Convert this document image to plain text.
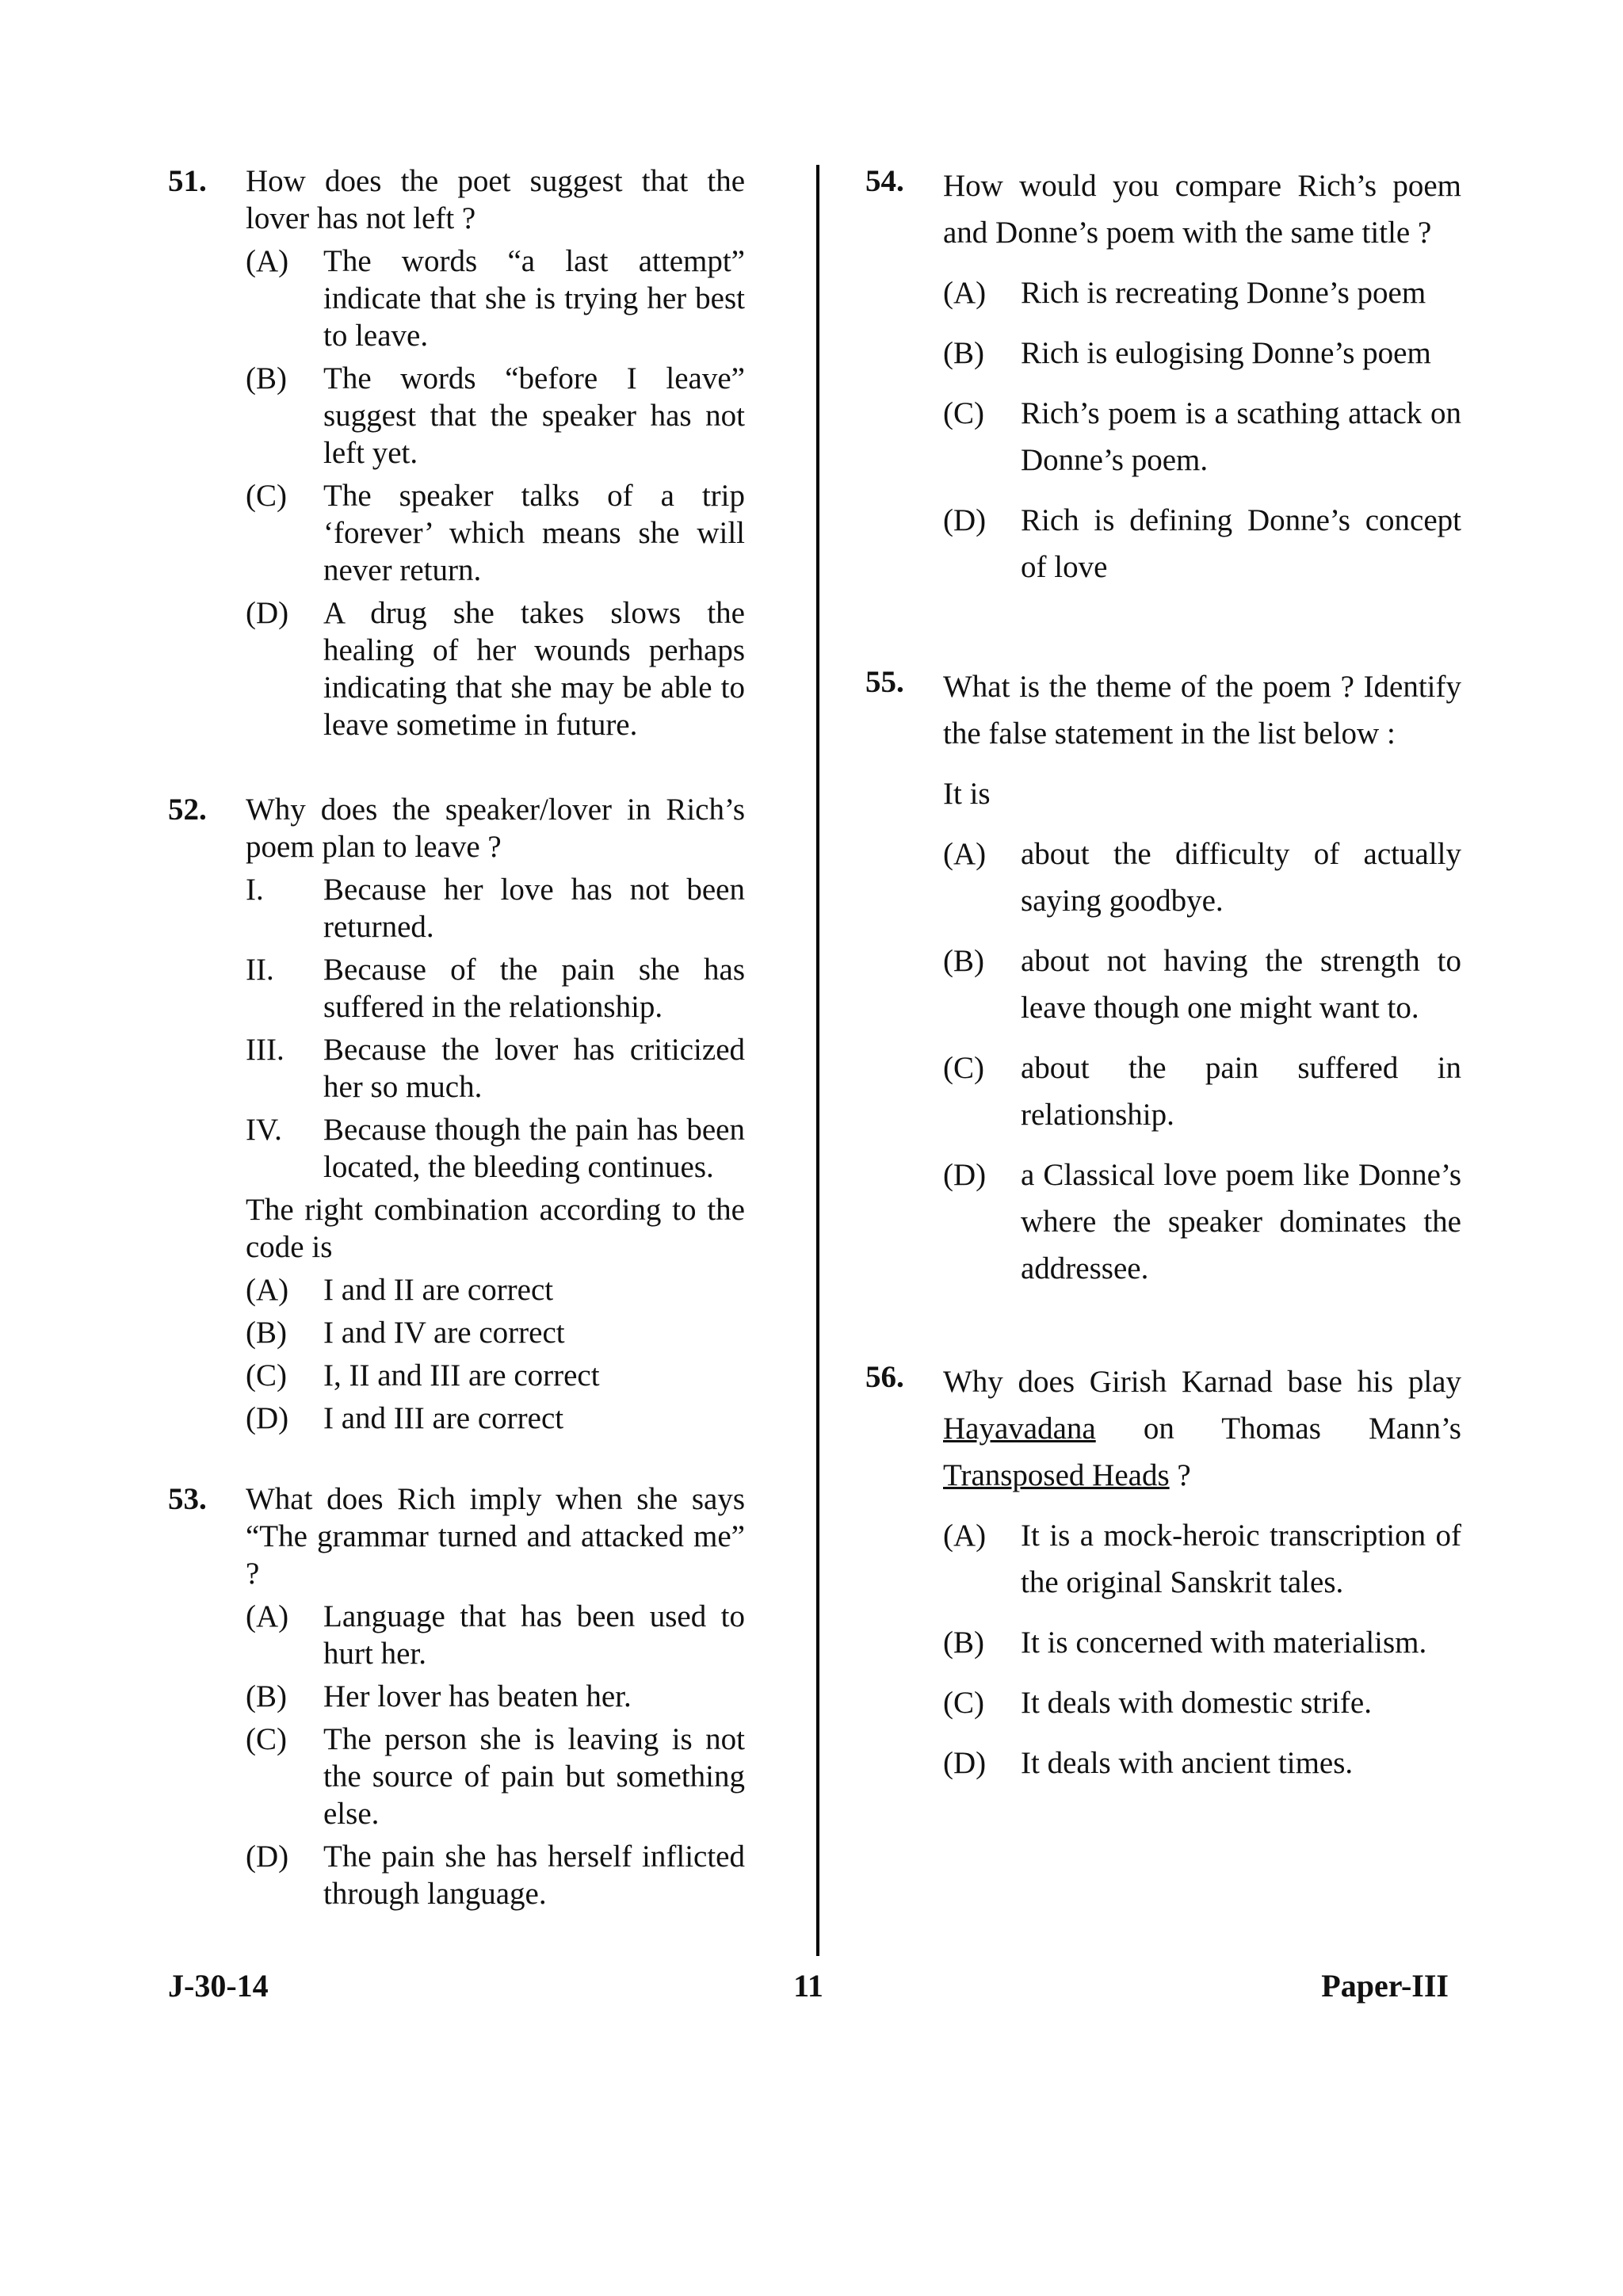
51. How does the poet suggest that the lover has not left ?
(A) The words “a last attempt” indicate that she is trying her best to leave.
(B) The words “before I leave” suggest that the speaker has not left yet.
(C) The speaker talks of a trip ‘forever’ which means she will never return.
(D) A drug she takes slows the healing of her wounds perhaps indicating that she may be able to leave sometime in future.
52. Why does the speaker/lover in Rich’s poem plan to leave ?
I. Because her love has not been returned.
II. Because of the pain she has suffered in the relationship.
III. Because the lover has criticized her so much.
IV. Because though the pain has been located, the bleeding continues.
The right combination according to the code is
(A) I and II are correct
(B) I and IV are correct
(C) I, II and III are correct
(D) I and III are correct
53. What does Rich imply when she says “The grammar turned and attacked me” ?
(A) Language that has been used to hurt her.
(B) Her lover has beaten her.
(C) The person she is leaving is not the source of pain but something else.
(D) The pain she has herself inflicted through language.
54. How would you compare Rich’s poem and Donne’s poem with the same title ?
(A) Rich is recreating Donne’s poem
(B) Rich is eulogising Donne’s poem
(C) Rich’s poem is a scathing attack on Donne’s poem.
(D) Rich is defining Donne’s concept of love
55. What is the theme of the poem ? Identify the false statement in the list below :
It is
(A) about the difficulty of actually saying goodbye.
(B) about not having the strength to leave though one might want to.
(C) about the pain suffered in relationship.
(D) a Classical love poem like Donne’s where the speaker dominates the addressee.
56. Why does Girish Karnad base his play Hayavadana on Thomas Mann’s Transposed Heads ?
(A) It is a mock-heroic transcription of the original Sanskrit tales.
(B) It is concerned with materialism.
(C) It deals with domestic strife.
(D) It deals with ancient times.
J-30-14	11	Paper-III
